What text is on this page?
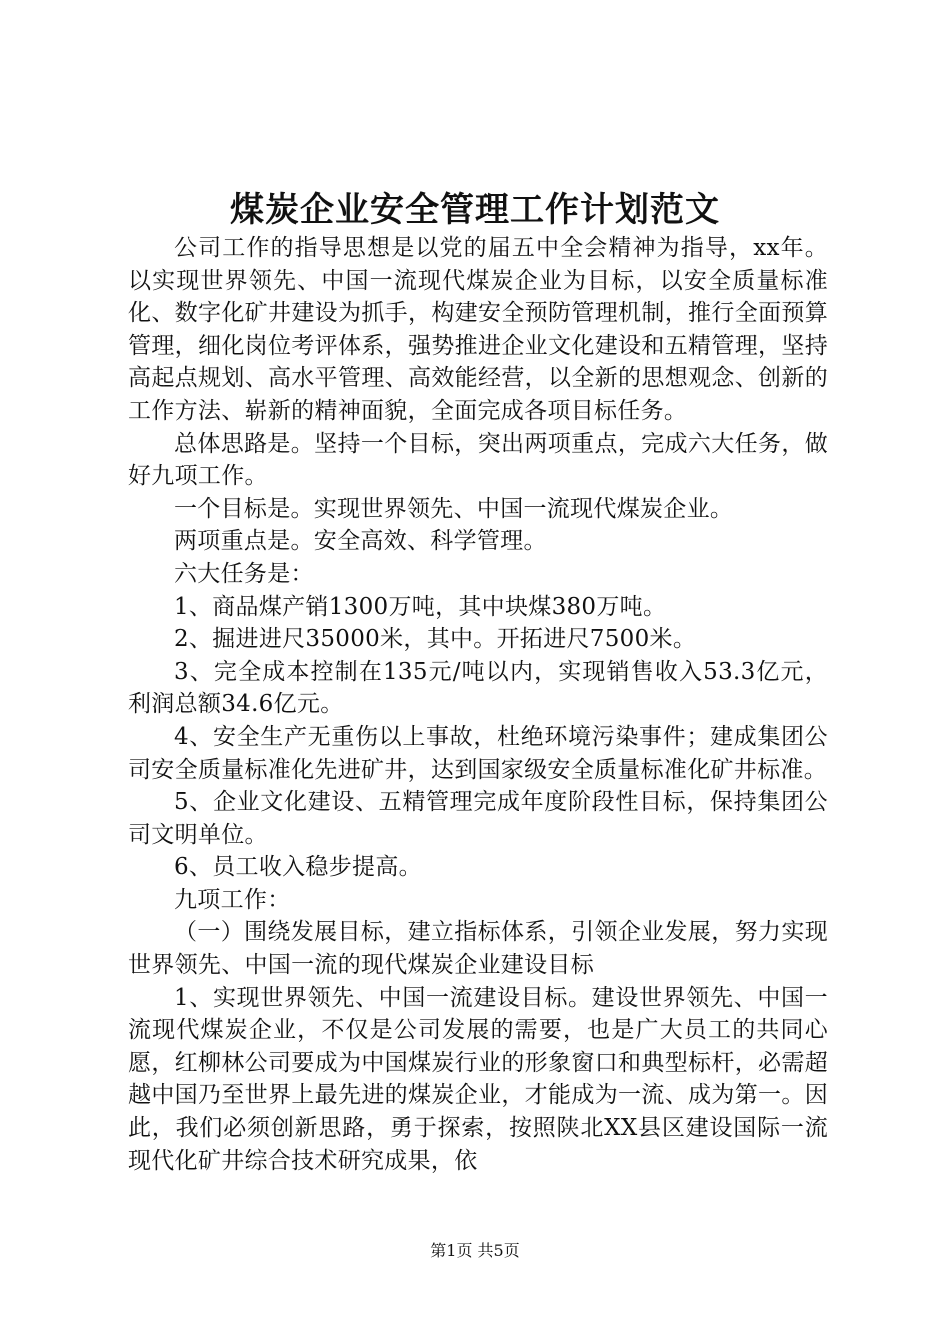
煤炭企业安全管理工作计划范文

公司工作的指导思想是以党的届五中全会精神为指导，xx年。以实现世界领先、中国一流现代煤炭企业为目标，以安全质量标准化、数字化矿井建设为抓手，构建安全预防管理机制，推行全面预算管理，细化岗位考评体系，强势推进企业文化建设和五精管理，坚持高起点规划、高水平管理、高效能经营，以全新的思想观念、创新的工作方法、崭新的精神面貌，全面完成各项目标任务。

总体思路是。坚持一个目标，突出两项重点，完成六大任务，做好九项工作。

一个目标是。实现世界领先、中国一流现代煤炭企业。

两项重点是。安全高效、科学管理。

六大任务是：

1、商品煤产销1300万吨，其中块煤380万吨。

2、掘进进尺35000米，其中。开拓进尺7500米。

3、完全成本控制在135元/吨以内，实现销售收入53.3亿元，利润总额34.6亿元。

4、安全生产无重伤以上事故，杜绝环境污染事件；建成集团公司安全质量标准化先进矿井，达到国家级安全质量标准化矿井标准。

5、企业文化建设、五精管理完成年度阶段性目标，保持集团公司文明单位。

6、员工收入稳步提高。

九项工作：

（一）围绕发展目标，建立指标体系，引领企业发展，努力实现世界领先、中国一流的现代煤炭企业建设目标

1、实现世界领先、中国一流建设目标。建设世界领先、中国一流现代煤炭企业，不仅是公司发展的需要，也是广大员工的共同心愿，红柳林公司要成为中国煤炭行业的形象窗口和典型标杆，必需超越中国乃至世界上最先进的煤炭企业，才能成为一流、成为第一。因此，我们必须创新思路，勇于探索，按照陕北XX县区建设国际一流现代化矿井综合技术研究成果，依

第1页 共5页
